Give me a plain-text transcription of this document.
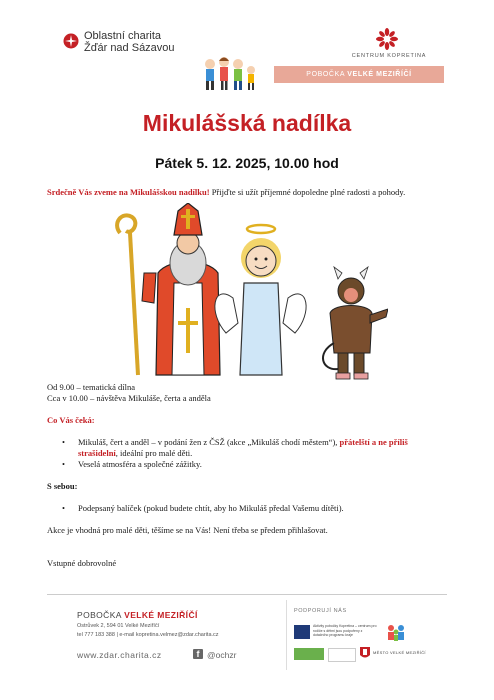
Oblastní charita
Žďár nad Sázavou
CENTRUM KOPRETINA
POBOČKA VELKÉ MEZIŘÍČÍ
Mikulášská nadílka
Pátek 5. 12. 2025, 10.00 hod
Srdečně Vás zveme na Mikulášskou nadílku! Přijďte si užít příjemné dopoledne plné radosti a pohody.
Od 9.00 – tematická dílna
Cca v 10.00 – návštěva Mikuláše, čerta a anděla
Co Vás čeká:
• Mikuláš, čert a anděl – v podání žen z ČSŽ (akce „Mikuláš chodí městem“), přátelští a ne příliš strašidelní, ideální pro malé děti.
• Veselá atmosféra a společné zážitky.
S sebou:
• Podepsaný balíček (pokud budete chtít, aby ho Mikuláš předal Vašemu dítěti).
Akce je vhodná pro malé děti, těšíme se na Vás! Není třeba se předem přihlašovat.
Vstupné dobrovolné
POBOČKA VELKÉ MEZIŘÍČÍ
Ostrůvek 2, 594 01 Velké Meziříčí
tel 777 183 388 | e-mail kopretina.velmez@zdar.charita.cz
www.zdar.charita.cz	f @ochzr
PODPORUJÍ NÁS
Aktivity pobočky Kopretina – centrum pro rodiče s dětmi jsou podpořeny z dotačního programu kraje
MĚSTO VELKÉ MEZIŘÍČÍ
